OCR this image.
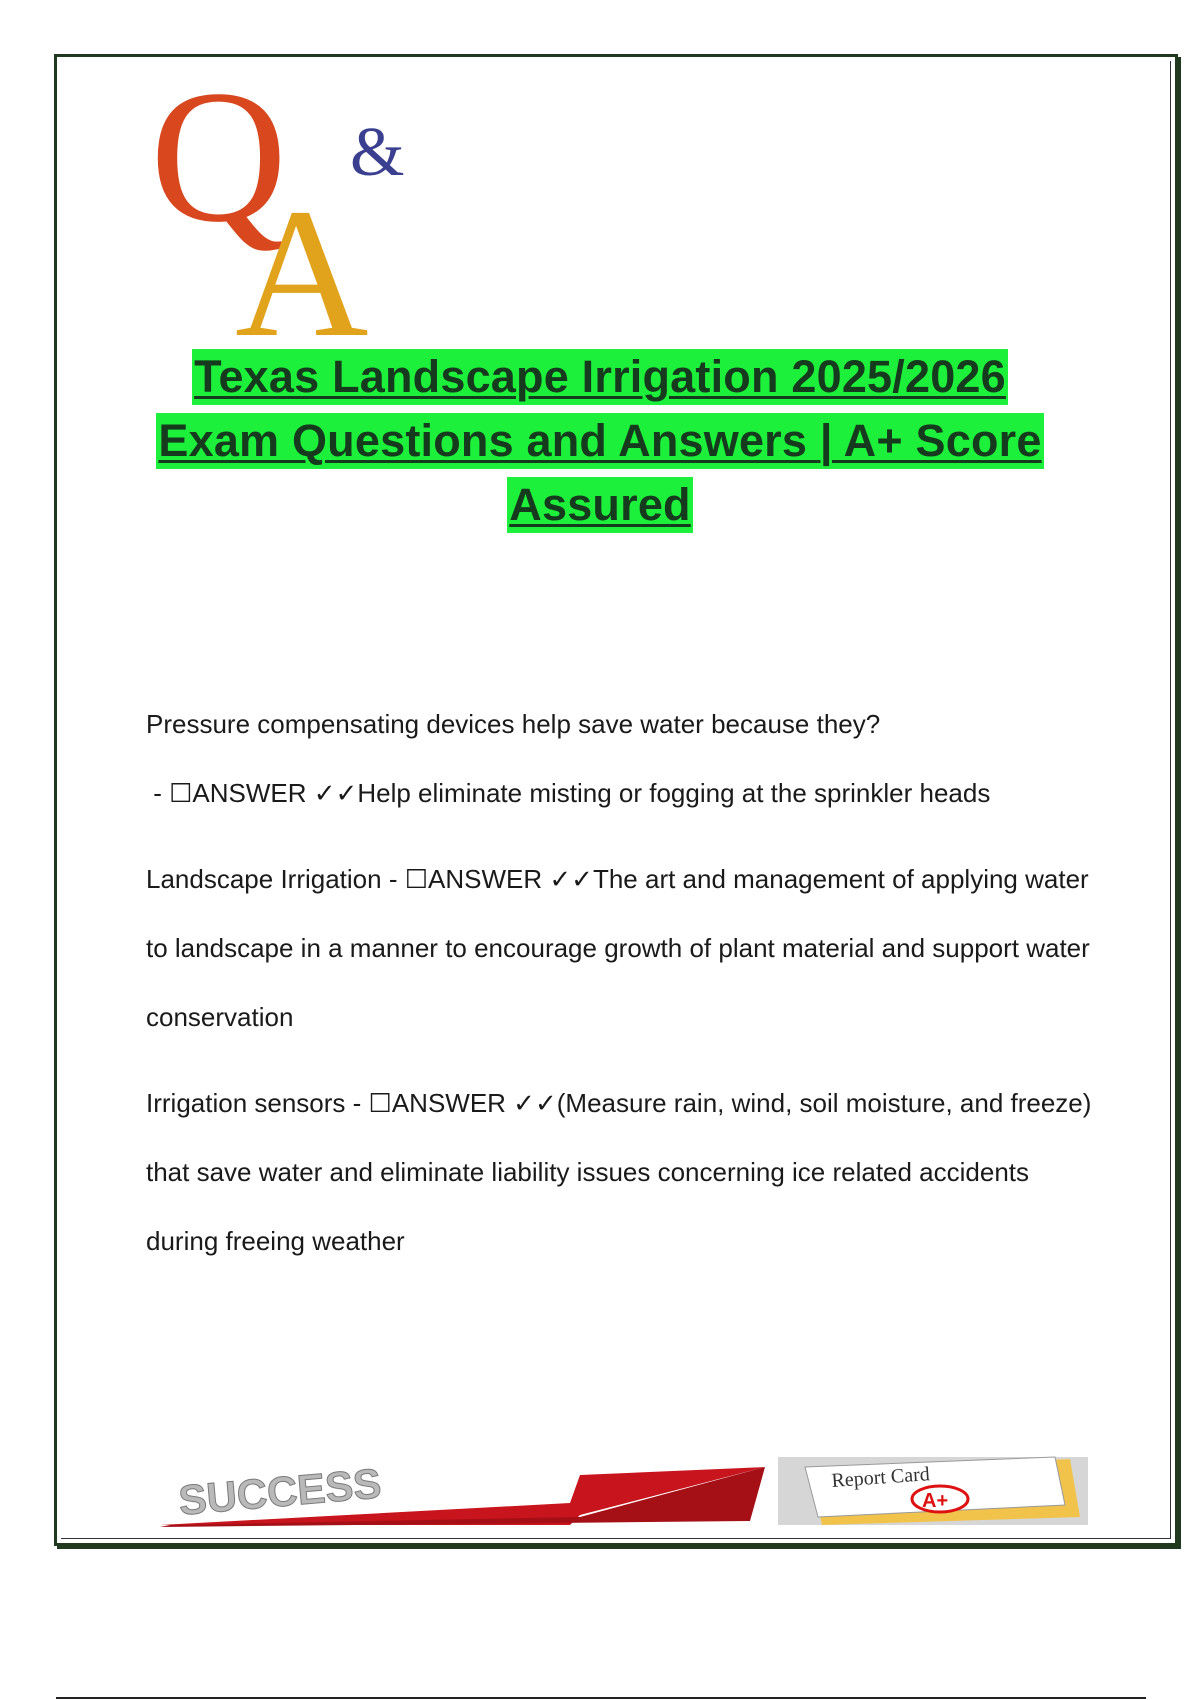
Q &
A
Texas Landscape Irrigation 2025/2026
Exam Questions and Answers | A+ Score
Assured
Pressure compensating devices help save water because they? - ☐ANSWER ✓✓Help eliminate misting or fogging at the sprinkler heads
Landscape Irrigation - ☐ANSWER ✓✓The art and management of applying water to landscape in a manner to encourage growth of plant material and support water conservation
Irrigation sensors - ☐ANSWER ✓✓(Measure rain, wind, soil moisture, and freeze) that save water and eliminate liability issues concerning ice related accidents during freeing weather
SUCCESS	Report Card
A+
